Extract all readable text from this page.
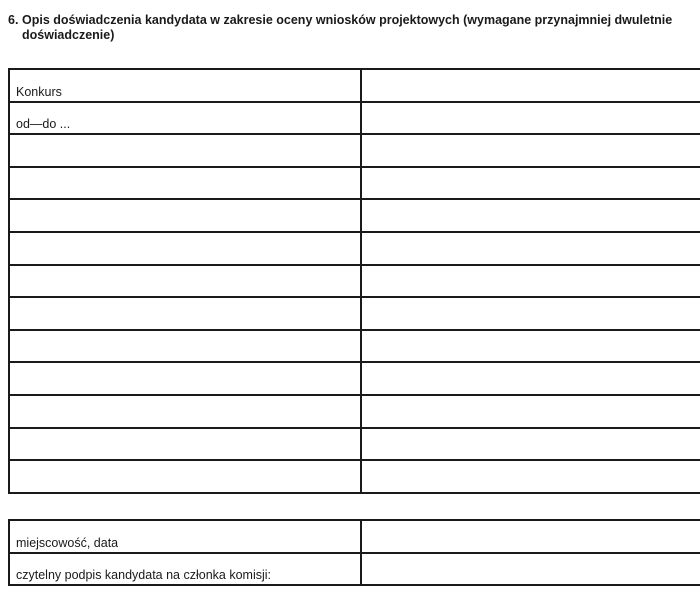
6. Opis doświadczenia kandydata w zakresie oceny wniosków projektowych (wymagane przynajmniej dwuletnie doświadczenie)
Konkurs	
od—do ...	

miejscowość, data	
czytelny podpis kandydata na członka komisji:	
